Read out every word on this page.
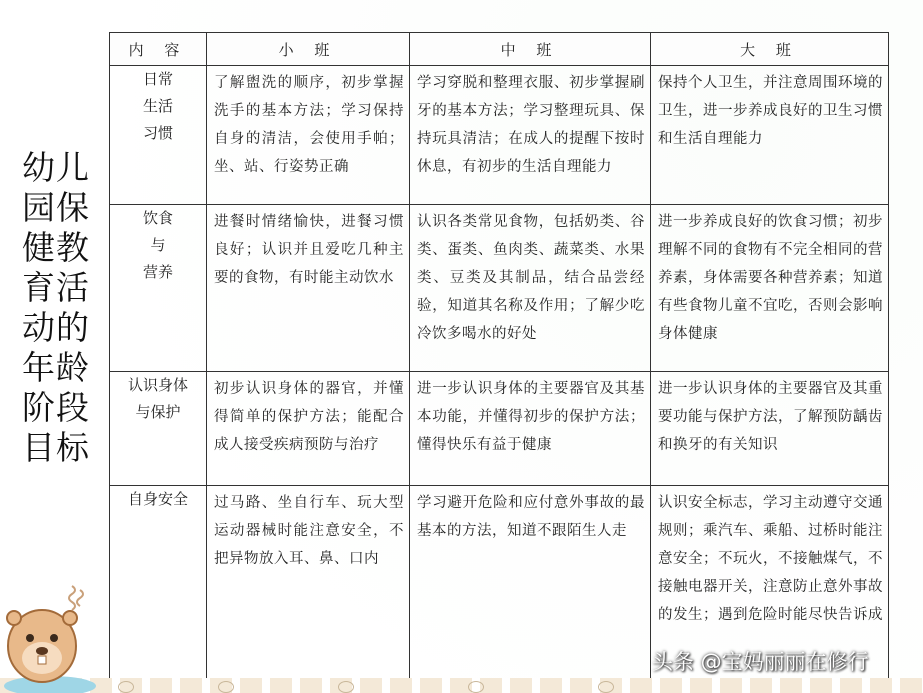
幼儿园保健教育活动的年龄阶段目标
内 容	小 班	中 班	大 班
日常
生活
习惯	了解盥洗的顺序，初步掌握洗手的基本方法；学习保持自身的清洁，会使用手帕；坐、站、行姿势正确	学习穿脱和整理衣服、初步掌握刷牙的基本方法；学习整理玩具、保持玩具清洁；在成人的提醒下按时休息，有初步的生活自理能力	保持个人卫生，并注意周围环境的卫生，进一步养成良好的卫生习惯和生活自理能力
饮食
与
营养	进餐时情绪愉快，进餐习惯良好；认识并且爱吃几种主要的食物，有时能主动饮水	认识各类常见食物，包括奶类、谷类、蛋类、鱼肉类、蔬菜类、水果类、豆类及其制品，结合品尝经验，知道其名称及作用；了解少吃冷饮多喝水的好处	进一步养成良好的饮食习惯；初步理解不同的食物有不完全相同的营养素，身体需要各种营养素；知道有些食物儿童不宜吃，否则会影响身体健康
认识身体
与保护	初步认识身体的器官，并懂得简单的保护方法；能配合成人接受疾病预防与治疗	进一步认识身体的主要器官及其基本功能，并懂得初步的保护方法；懂得快乐有益于健康	进一步认识身体的主要器官及其重要功能与保护方法，了解预防龋齿和换牙的有关知识
自身安全	过马路、坐自行车、玩大型运动器械时能注意安全，不把异物放入耳、鼻、口内	学习避开危险和应付意外事故的最基本的方法，知道不跟陌生人走	认识安全标志，学习主动遵守交通规则；乘汽车、乘船、过桥时能注意安全；不玩火，不接触煤气，不接触电器开关，注意防止意外事故的发生；遇到危险时能尽快告诉成
头条 @宝妈丽丽在修行
